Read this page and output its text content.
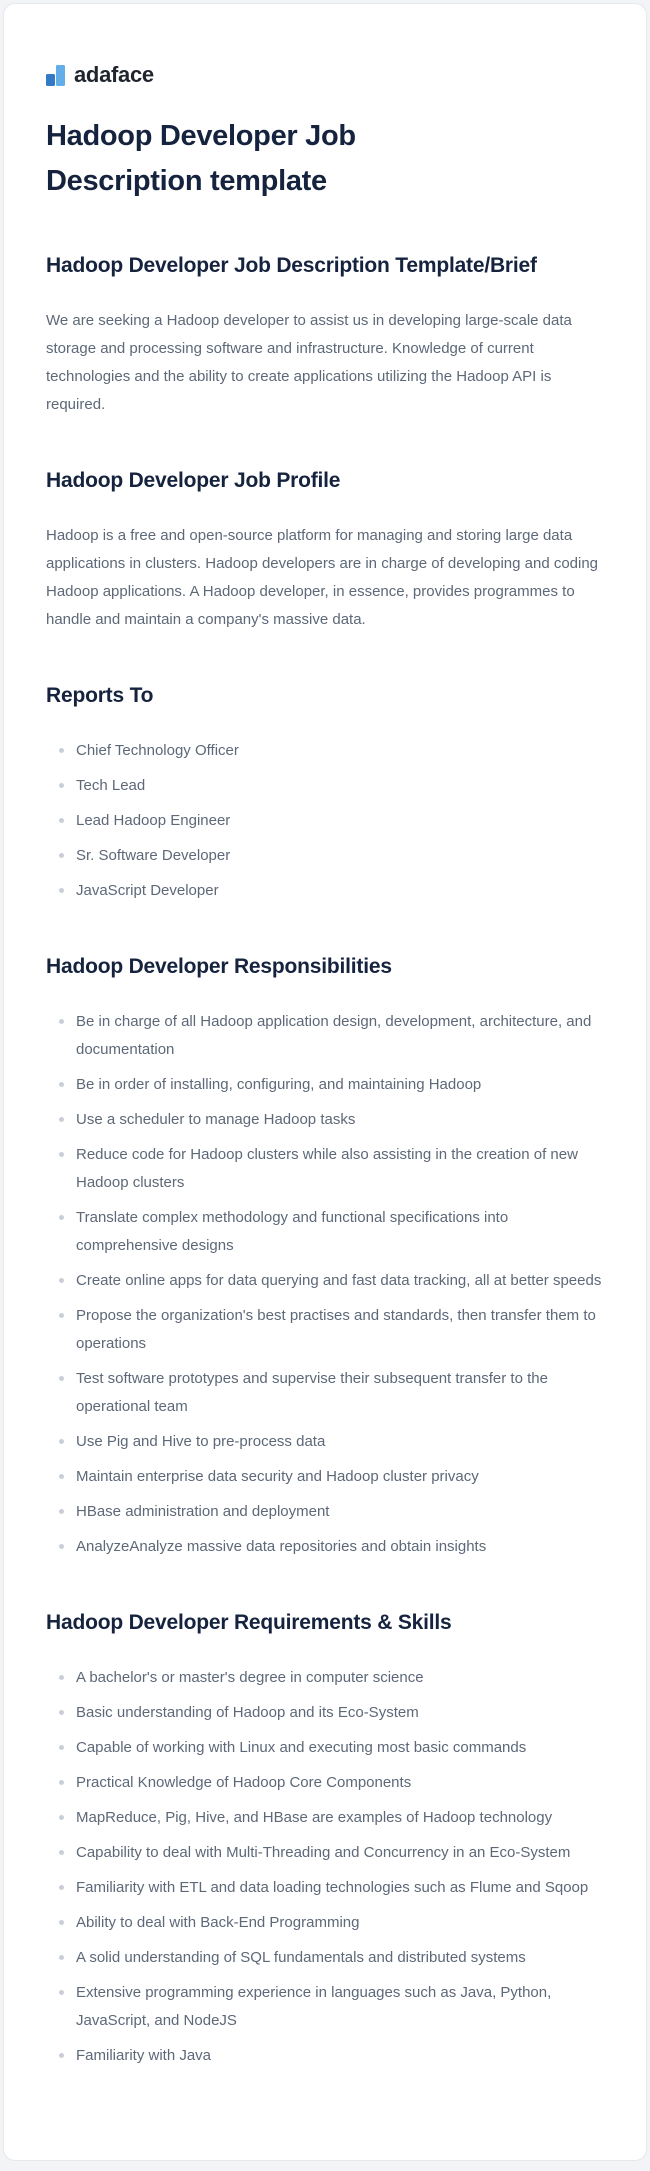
adaface
Hadoop Developer Job Description template
Hadoop Developer Job Description Template/Brief

We are seeking a Hadoop developer to assist us in developing large-scale data storage and processing software and infrastructure. Knowledge of current technologies and the ability to create applications utilizing the Hadoop API is required.

Hadoop Developer Job Profile

Hadoop is a free and open-source platform for managing and storing large data applications in clusters. Hadoop developers are in charge of developing and coding Hadoop applications. A Hadoop developer, in essence, provides programmes to handle and maintain a company's massive data.

Reports To
Chief Technology Officer
Tech Lead
Lead Hadoop Engineer
Sr. Software Developer
JavaScript Developer
Hadoop Developer Responsibilities
Be in charge of all Hadoop application design, development, architecture, and documentation
Be in order of installing, configuring, and maintaining Hadoop
Use a scheduler to manage Hadoop tasks
Reduce code for Hadoop clusters while also assisting in the creation of new Hadoop clusters
Translate complex methodology and functional specifications into comprehensive designs
Create online apps for data querying and fast data tracking, all at better speeds
Propose the organization's best practises and standards, then transfer them to operations
Test software prototypes and supervise their subsequent transfer to the operational team
Use Pig and Hive to pre-process data
Maintain enterprise data security and Hadoop cluster privacy
HBase administration and deployment
AnalyzeAnalyze massive data repositories and obtain insights
Hadoop Developer Requirements & Skills
A bachelor's or master's degree in computer science
Basic understanding of Hadoop and its Eco-System
Capable of working with Linux and executing most basic commands
Practical Knowledge of Hadoop Core Components
MapReduce, Pig, Hive, and HBase are examples of Hadoop technology
Capability to deal with Multi-Threading and Concurrency in an Eco-System
Familiarity with ETL and data loading technologies such as Flume and Sqoop
Ability to deal with Back-End Programming
A solid understanding of SQL fundamentals and distributed systems
Extensive programming experience in languages such as Java, Python, JavaScript, and NodeJS
Familiarity with Java
